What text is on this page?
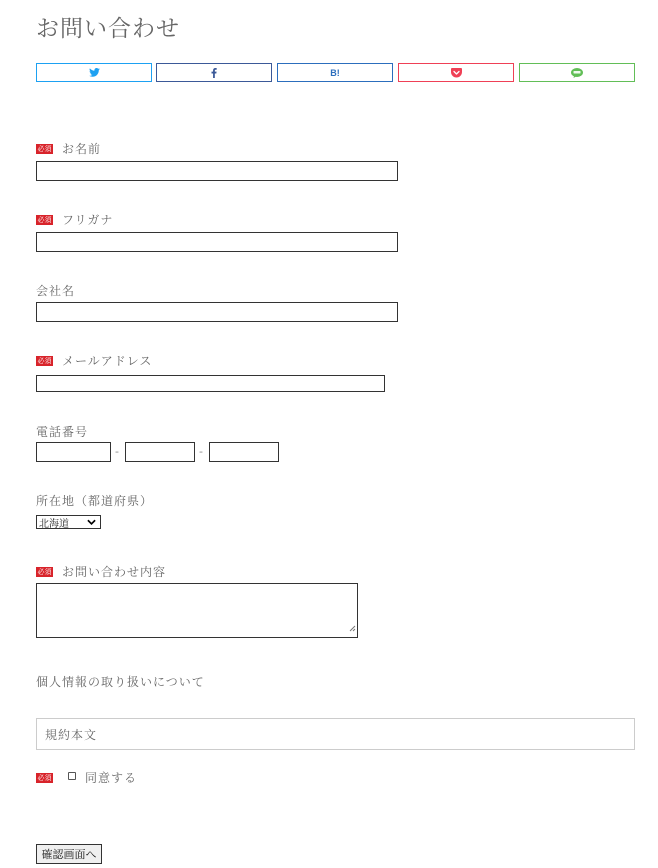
お問い合わせ
B!
必須 お名前
必須 フリガナ
会社名
必須 メールアドレス
電話番号
-	-
所在地（都道府県）
北海道
必須 お問い合わせ内容
個人情報の取り扱いについて
規約本文
必須	同意する
確認画面へ
